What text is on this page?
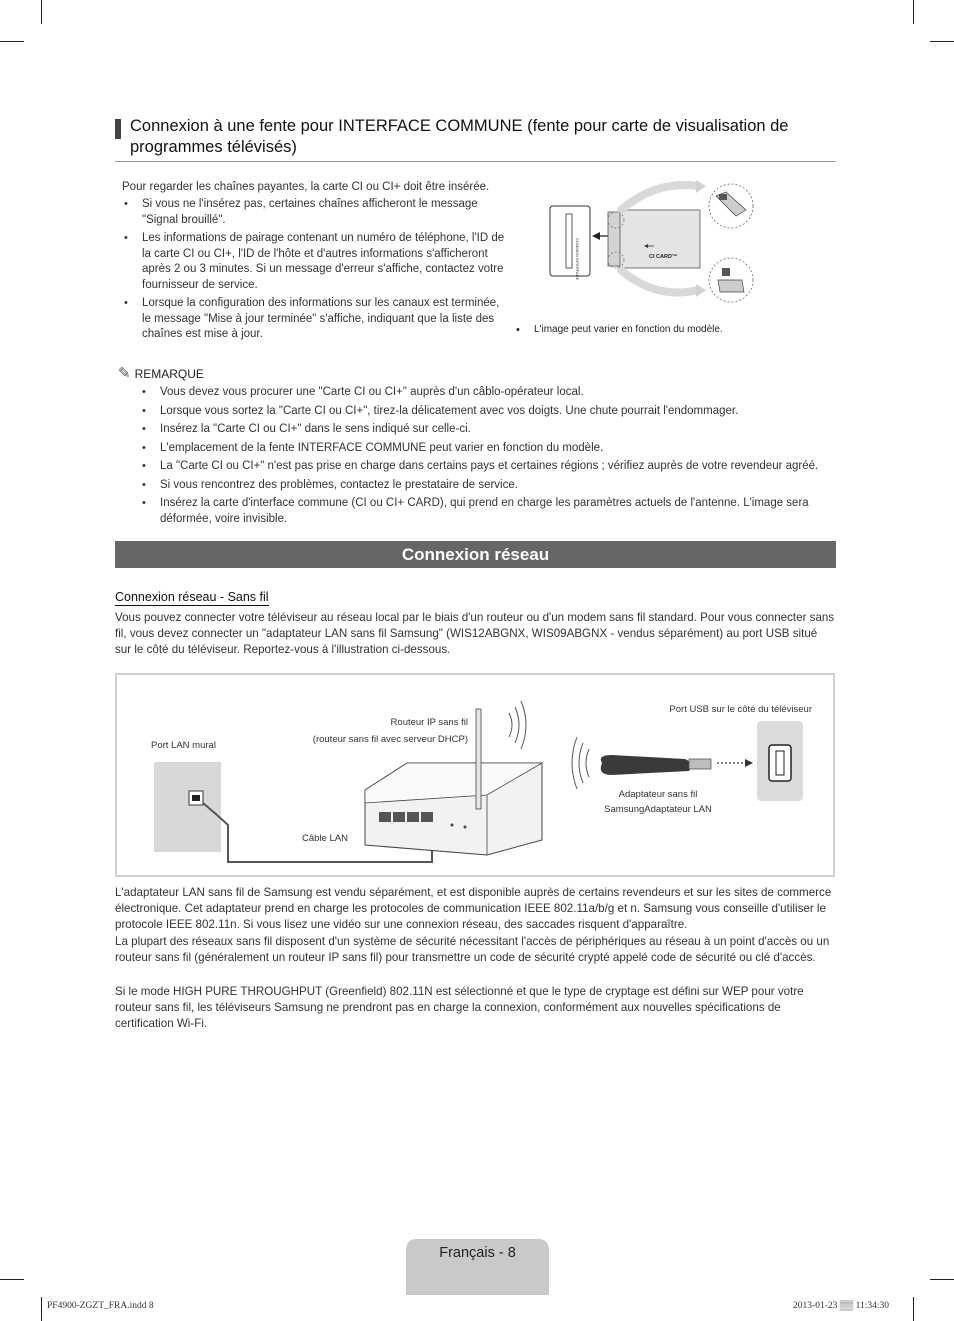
Connexion à une fente pour INTERFACE COMMUNE (fente pour carte de visualisation de programmes télévisés)
Pour regarder les chaînes payantes, la carte CI ou CI+ doit être insérée.
• Si vous ne l'insérez pas, certaines chaînes afficheront le message "Signal brouillé".
• Les informations de pairage contenant un numéro de téléphone, l'ID de la carte CI ou CI+, l'ID de l'hôte et d'autres informations s'afficheront après 2 ou 3 minutes. Si un message d'erreur s'affiche, contactez votre fournisseur de service.
• Lorsque la configuration des informations sur les canaux est terminée, le message "Mise à jour terminée" s'affiche, indiquant que la liste des chaînes est mise à jour.
COMMON INTERFACE	CI CARD™
• L'image peut varier en fonction du modèle.
✎ REMARQUE
• Vous devez vous procurer une "Carte CI ou CI+" auprès d'un câblo-opérateur local.
• Lorsque vous sortez la "Carte CI ou CI+", tirez-la délicatement avec vos doigts. Une chute pourrait l'endommager.
• Insérez la "Carte CI ou CI+" dans le sens indiqué sur celle-ci.
• L'emplacement de la fente INTERFACE COMMUNE peut varier en fonction du modèle.
• La "Carte CI ou CI+" n'est pas prise en charge dans certains pays et certaines régions ; vérifiez auprès de votre revendeur agréé.
• Si vous rencontrez des problèmes, contactez le prestataire de service.
• Insérez la carte d'interface commune (CI ou CI+ CARD), qui prend en charge les paramètres actuels de l'antenne. L'image sera déformée, voire invisible.
Connexion réseau
Connexion réseau - Sans fil
Vous pouvez connecter votre téléviseur au réseau local par le biais d'un routeur ou d'un modem sans fil standard. Pour vous connecter sans fil, vous devez connecter un "adaptateur LAN sans fil Samsung" (WIS12ABGNX, WIS09ABGNX - vendus séparément) au port USB situé sur le côté du téléviseur. Reportez-vous à l'illustration ci-dessous.
Port LAN mural
Routeur IP sans fil
(routeur sans fil avec serveur DHCP)
Port USB sur le côté du téléviseur
Adaptateur sans fil
SamsungAdaptateur LAN
Câble LAN
L'adaptateur LAN sans fil de Samsung est vendu séparément, et est disponible auprès de certains revendeurs et sur les sites de commerce électronique. Cet adaptateur prend en charge les protocoles de communication IEEE 802.11a/b/g et n. Samsung vous conseille d'utiliser le protocole IEEE 802.11n. Si vous lisez une vidéo sur une connexion réseau, des saccades risquent d'apparaître.
La plupart des réseaux sans fil disposent d'un système de sécurité nécessitant l'accès de périphériques au réseau à un point d'accès ou un routeur sans fil (généralement un routeur IP sans fil) pour transmettre un code de sécurité crypté appelé code de sécurité ou clé d'accès.
Si le mode HIGH PURE THROUGHPUT (Greenfield) 802.11N est sélectionné et que le type de cryptage est défini sur WEP pour votre routeur sans fil, les téléviseurs Samsung ne prendront pas en charge la connexion, conformément aux nouvelles spécifications de certification Wi-Fi.
Français - 8
PF4900-ZGZT_FRA.indd 8	2013-01-23 ▒▒ 11:34:30
